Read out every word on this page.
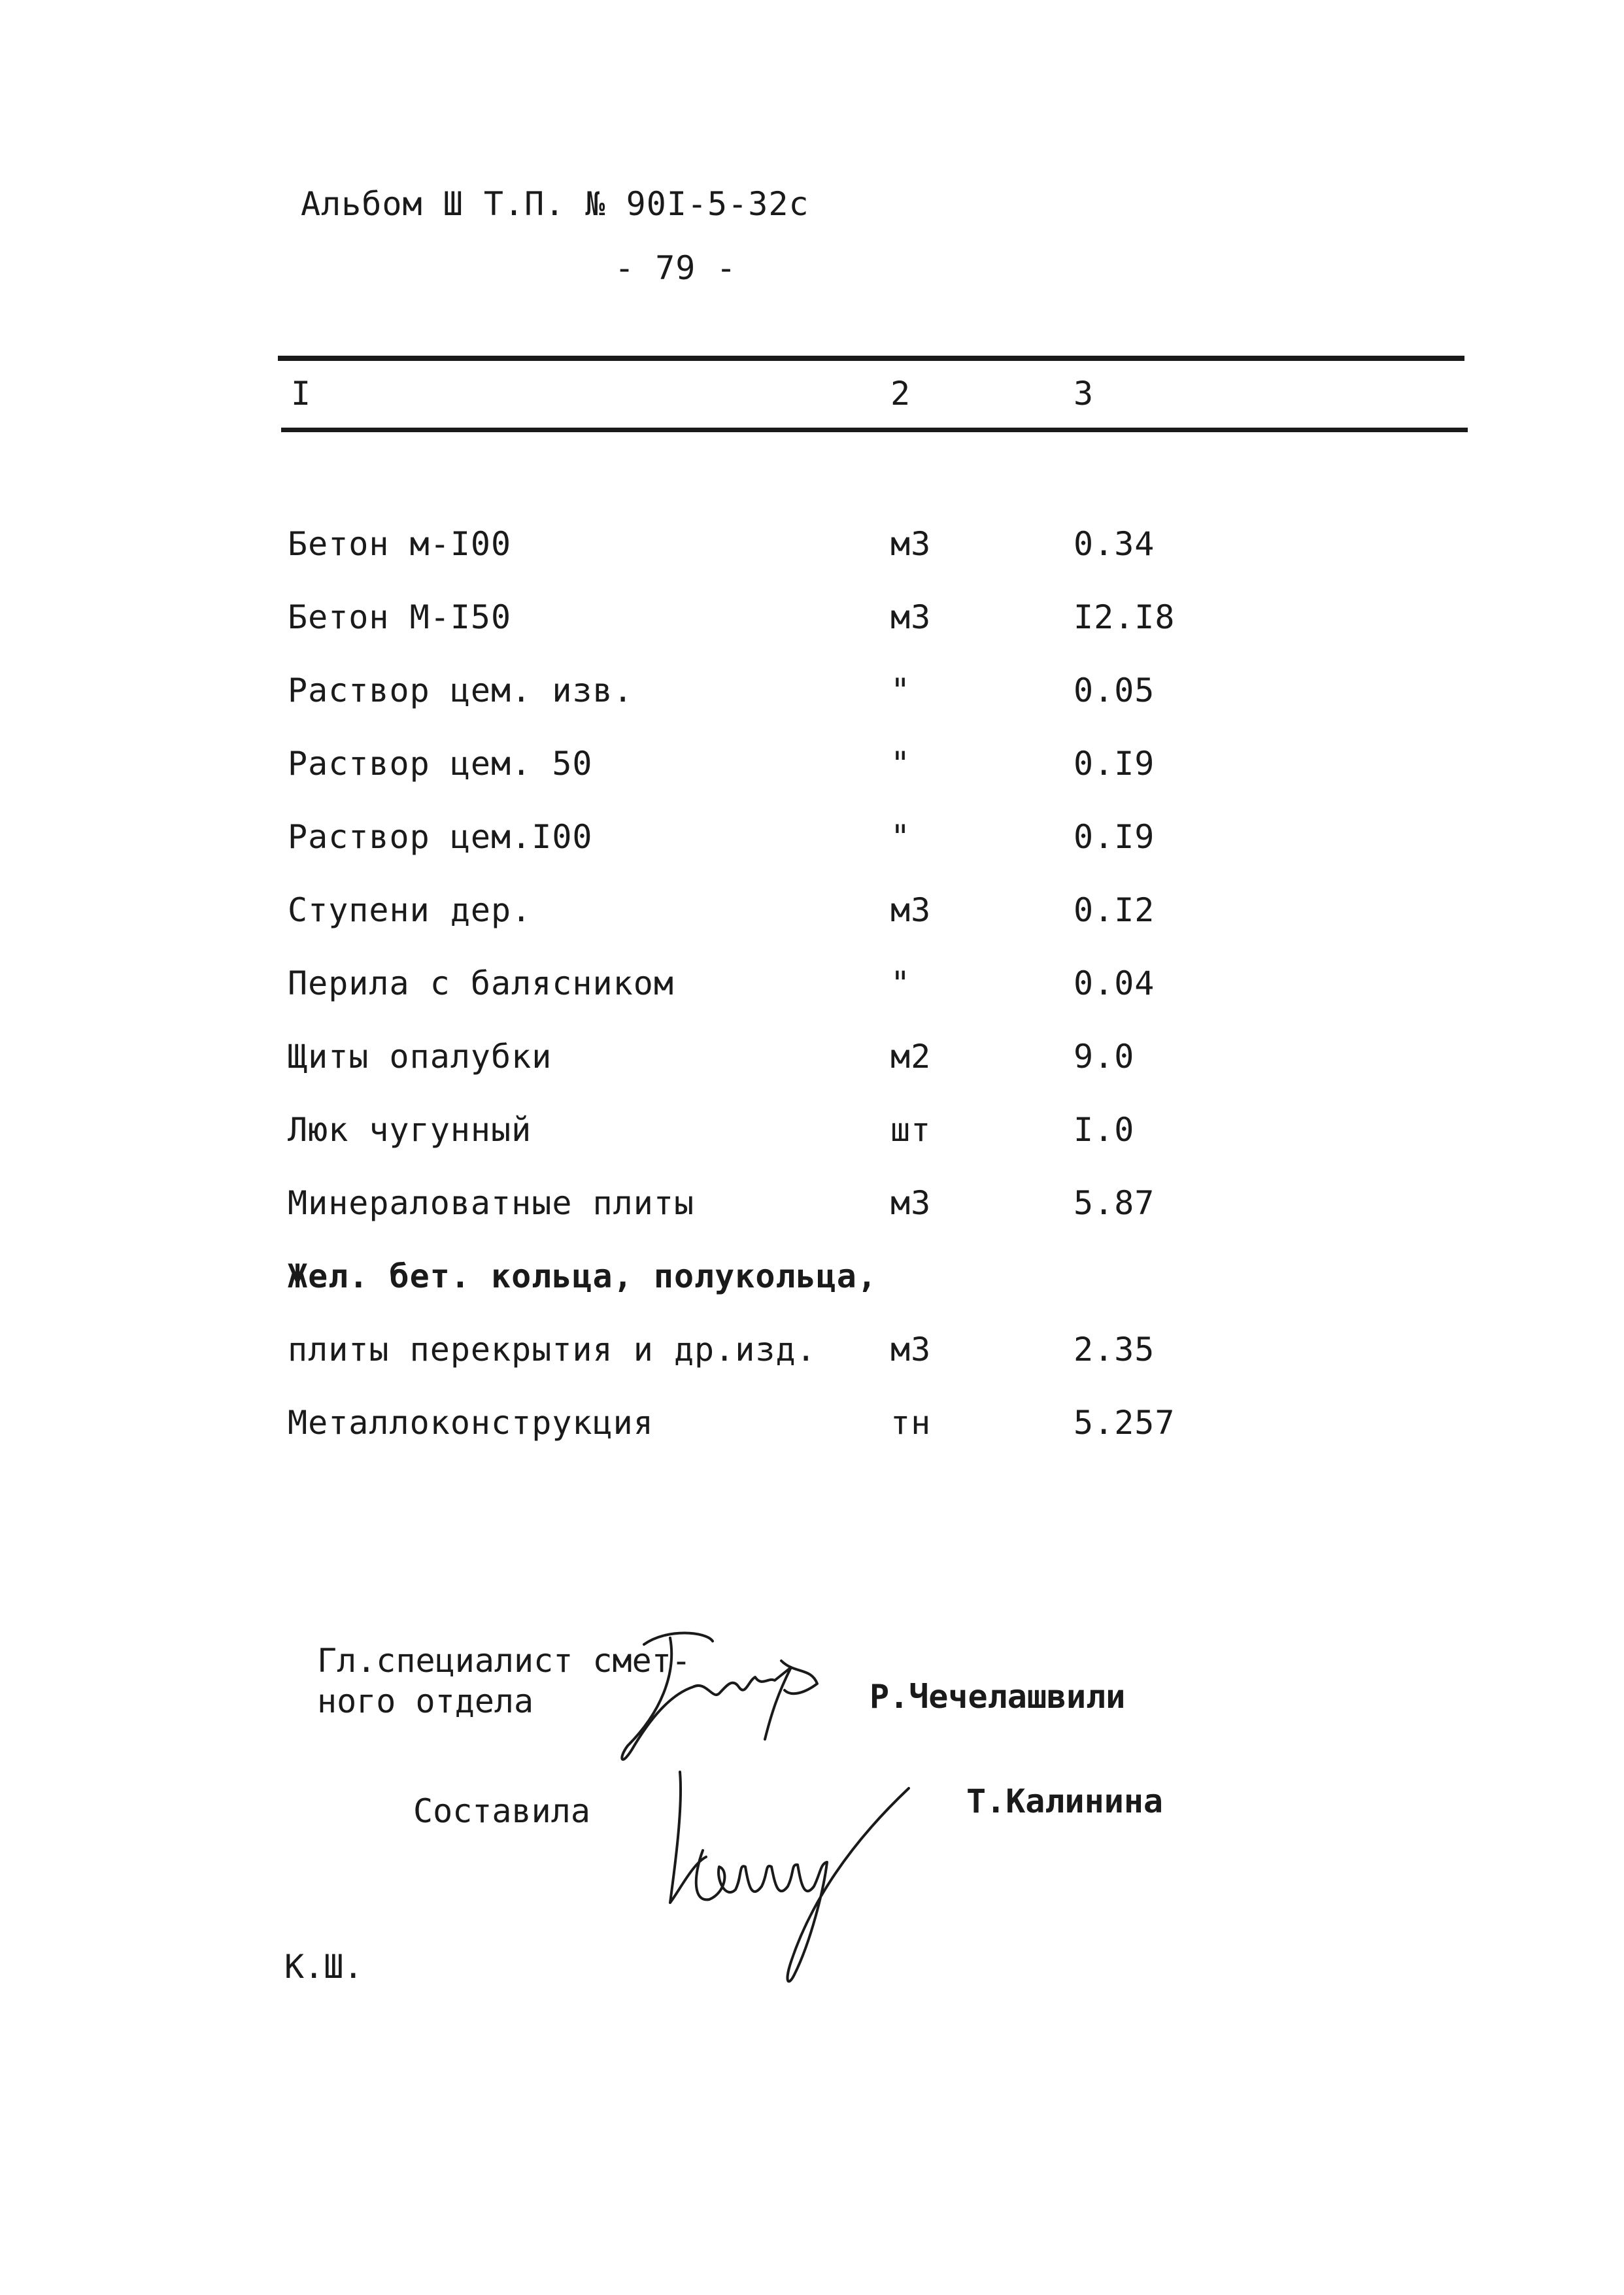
Альбом Ш Т.П. № 90I-5-32с
- 79 -
I	2	3
Бетон м-I00	м3	0.34
Бетон М-I50	м3	I2.I8
Раствор цем. изв.	"	0.05
Раствор цем. 50	"	0.I9
Раствор цем.I00	"	0.I9
Ступени дер.	м3	0.I2
Перила с балясником	"	0.04
Щиты опалубки	м2	9.0
Люк чугунный	шт	I.0
Минераловатные плиты	м3	5.87
Жел. бет. кольца, полукольца,
плиты перекрытия и др.изд. м3	2.35
Металлоконструкция	тн	5.257
Гл.специалист смет-
ного отдела	Р.Чечелашвили
Составила	Т.Калинина
К.Ш.
